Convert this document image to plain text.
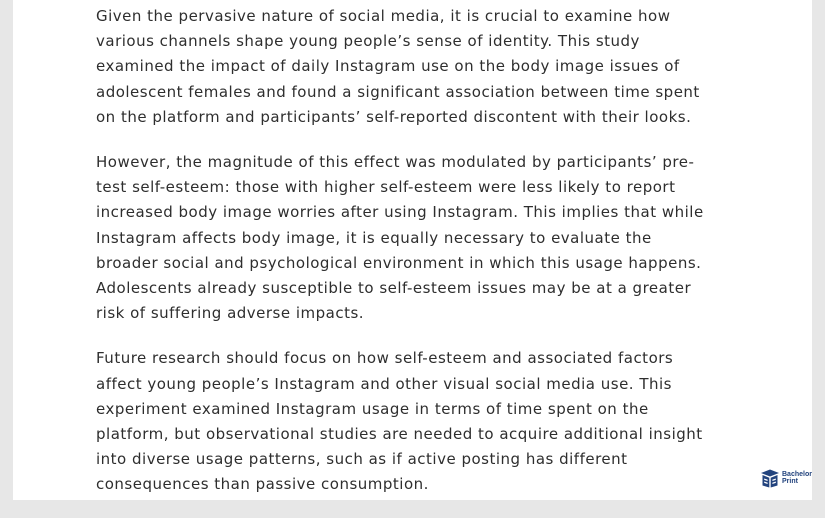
Given the pervasive nature of social media, it is crucial to examine how
various channels shape young people’s sense of identity. This study
examined the impact of daily Instagram use on the body image issues of
adolescent females and found a significant association between time spent
on the platform and participants’ self-reported discontent with their looks.

However, the magnitude of this effect was modulated by participants’ pre-
test self-esteem: those with higher self-esteem were less likely to report
increased body image worries after using Instagram. This implies that while
Instagram affects body image, it is equally necessary to evaluate the
broader social and psychological environment in which this usage happens.
Adolescents already susceptible to self-esteem issues may be at a greater
risk of suffering adverse impacts.

Future research should focus on how self-esteem and associated factors
affect young people’s Instagram and other visual social media use. This
experiment examined Instagram usage in terms of time spent on the
platform, but observational studies are needed to acquire additional insight
into diverse usage patterns, such as if active posting has different
consequences than passive consumption.

Bachelor
Print
